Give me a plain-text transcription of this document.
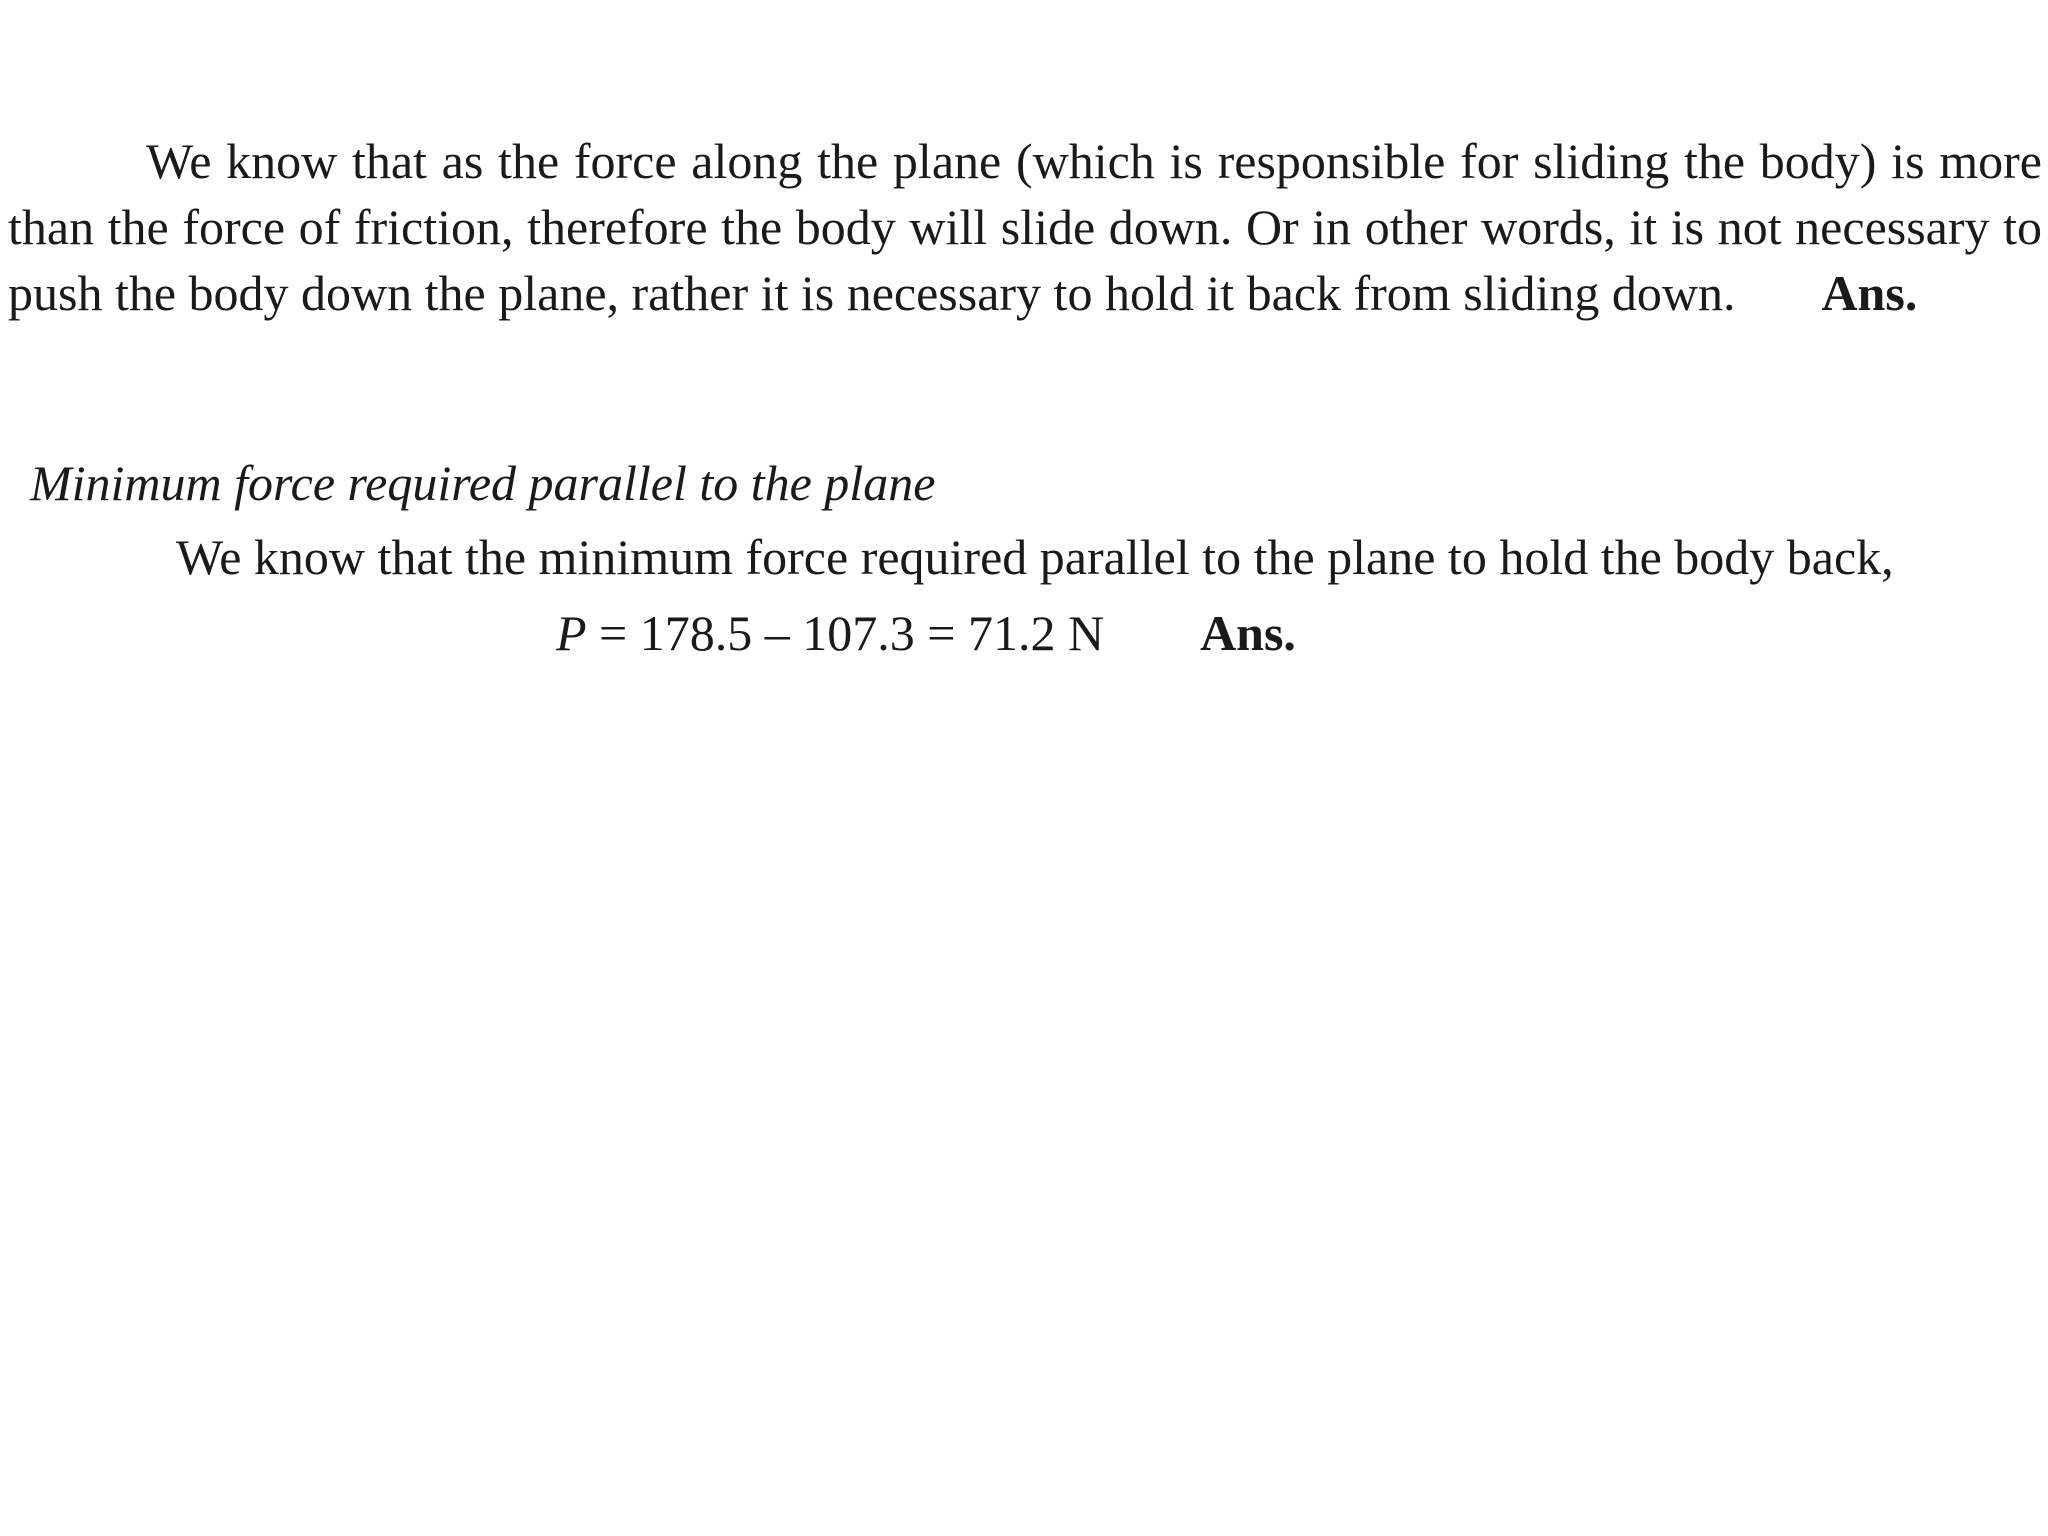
We know that as the force along the plane (which is responsible for sliding the body) is more
than the force of friction, therefore the body will slide down. Or in other words, it is not necessary to
push the body down the plane, rather it is necessary to hold it back from sliding down. Ans.
Minimum force required parallel to the plane
We know that the minimum force required parallel to the plane to hold the body back,
P = 178.5 – 107.3 = 71.2 N Ans.
